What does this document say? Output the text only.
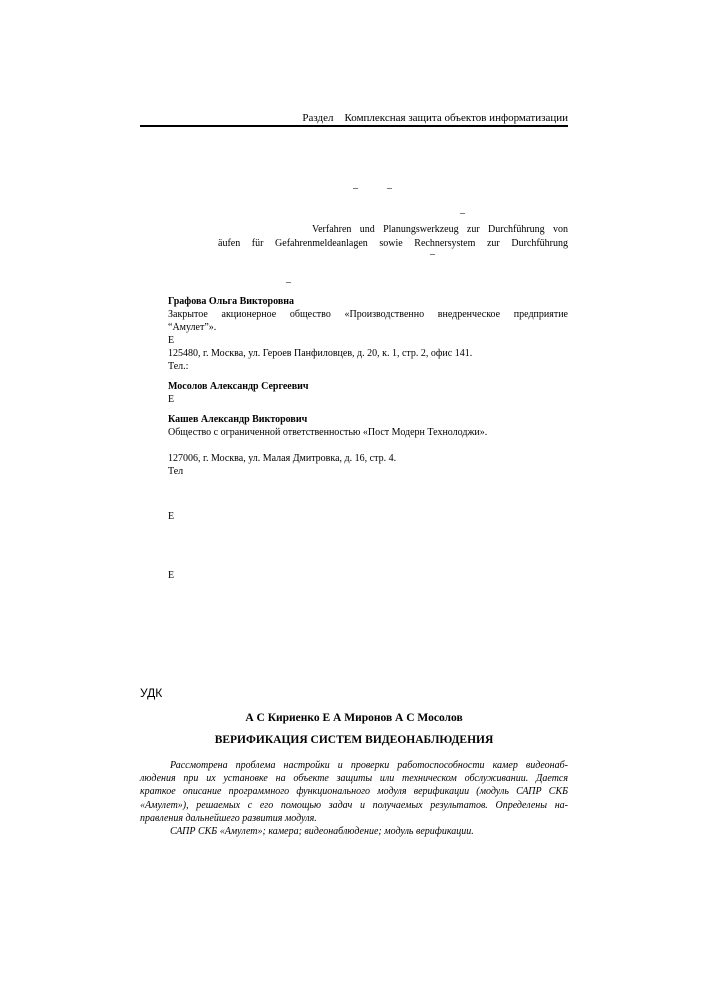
Раздел Комплексная защита объектов информатизации
–	–
–
Verfahren und Planungswerkzeug zur Durchführung von
äufen für Gefahrenmeldeanlagen sowie Rechnersystem zur Durchführung
–
–
Графова Ольга Викторовна
Закрытое акционерное общество «Производственно внедренческое предприятие
“Амулет”».
E
125480, г. Москва, ул. Героев Панфиловцев, д. 20, к. 1, стр. 2, офис 141.
Тел.:
Мосолов Александр Сергеевич
E
Кашев Александр Викторович
Общество с ограниченной ответственностью «Пост Модерн Технолоджи».
127006, г. Москва, ул. Малая Дмитровка, д. 16, стр. 4.
Тел
E
E
УДК
А С Кириенко Е А Миронов А С Мосолов
ВЕРИФИКАЦИЯ СИСТЕМ ВИДЕОНАБЛЮДЕНИЯ
Рассмотрена проблема настройки и проверки работоспособности камер видеонаб-
людения при их установке на объекте защиты или техническом обслуживании. Дается
краткое описание программного функционального модуля верификации (модуль САПР СКБ
«Амулет»), решаемых с его помощью задач и получаемых результатов. Определены на-
правления дальнейшего развития модуля.
САПР СКБ «Амулет»; камера; видеонаблюдение; модуль верификации.
